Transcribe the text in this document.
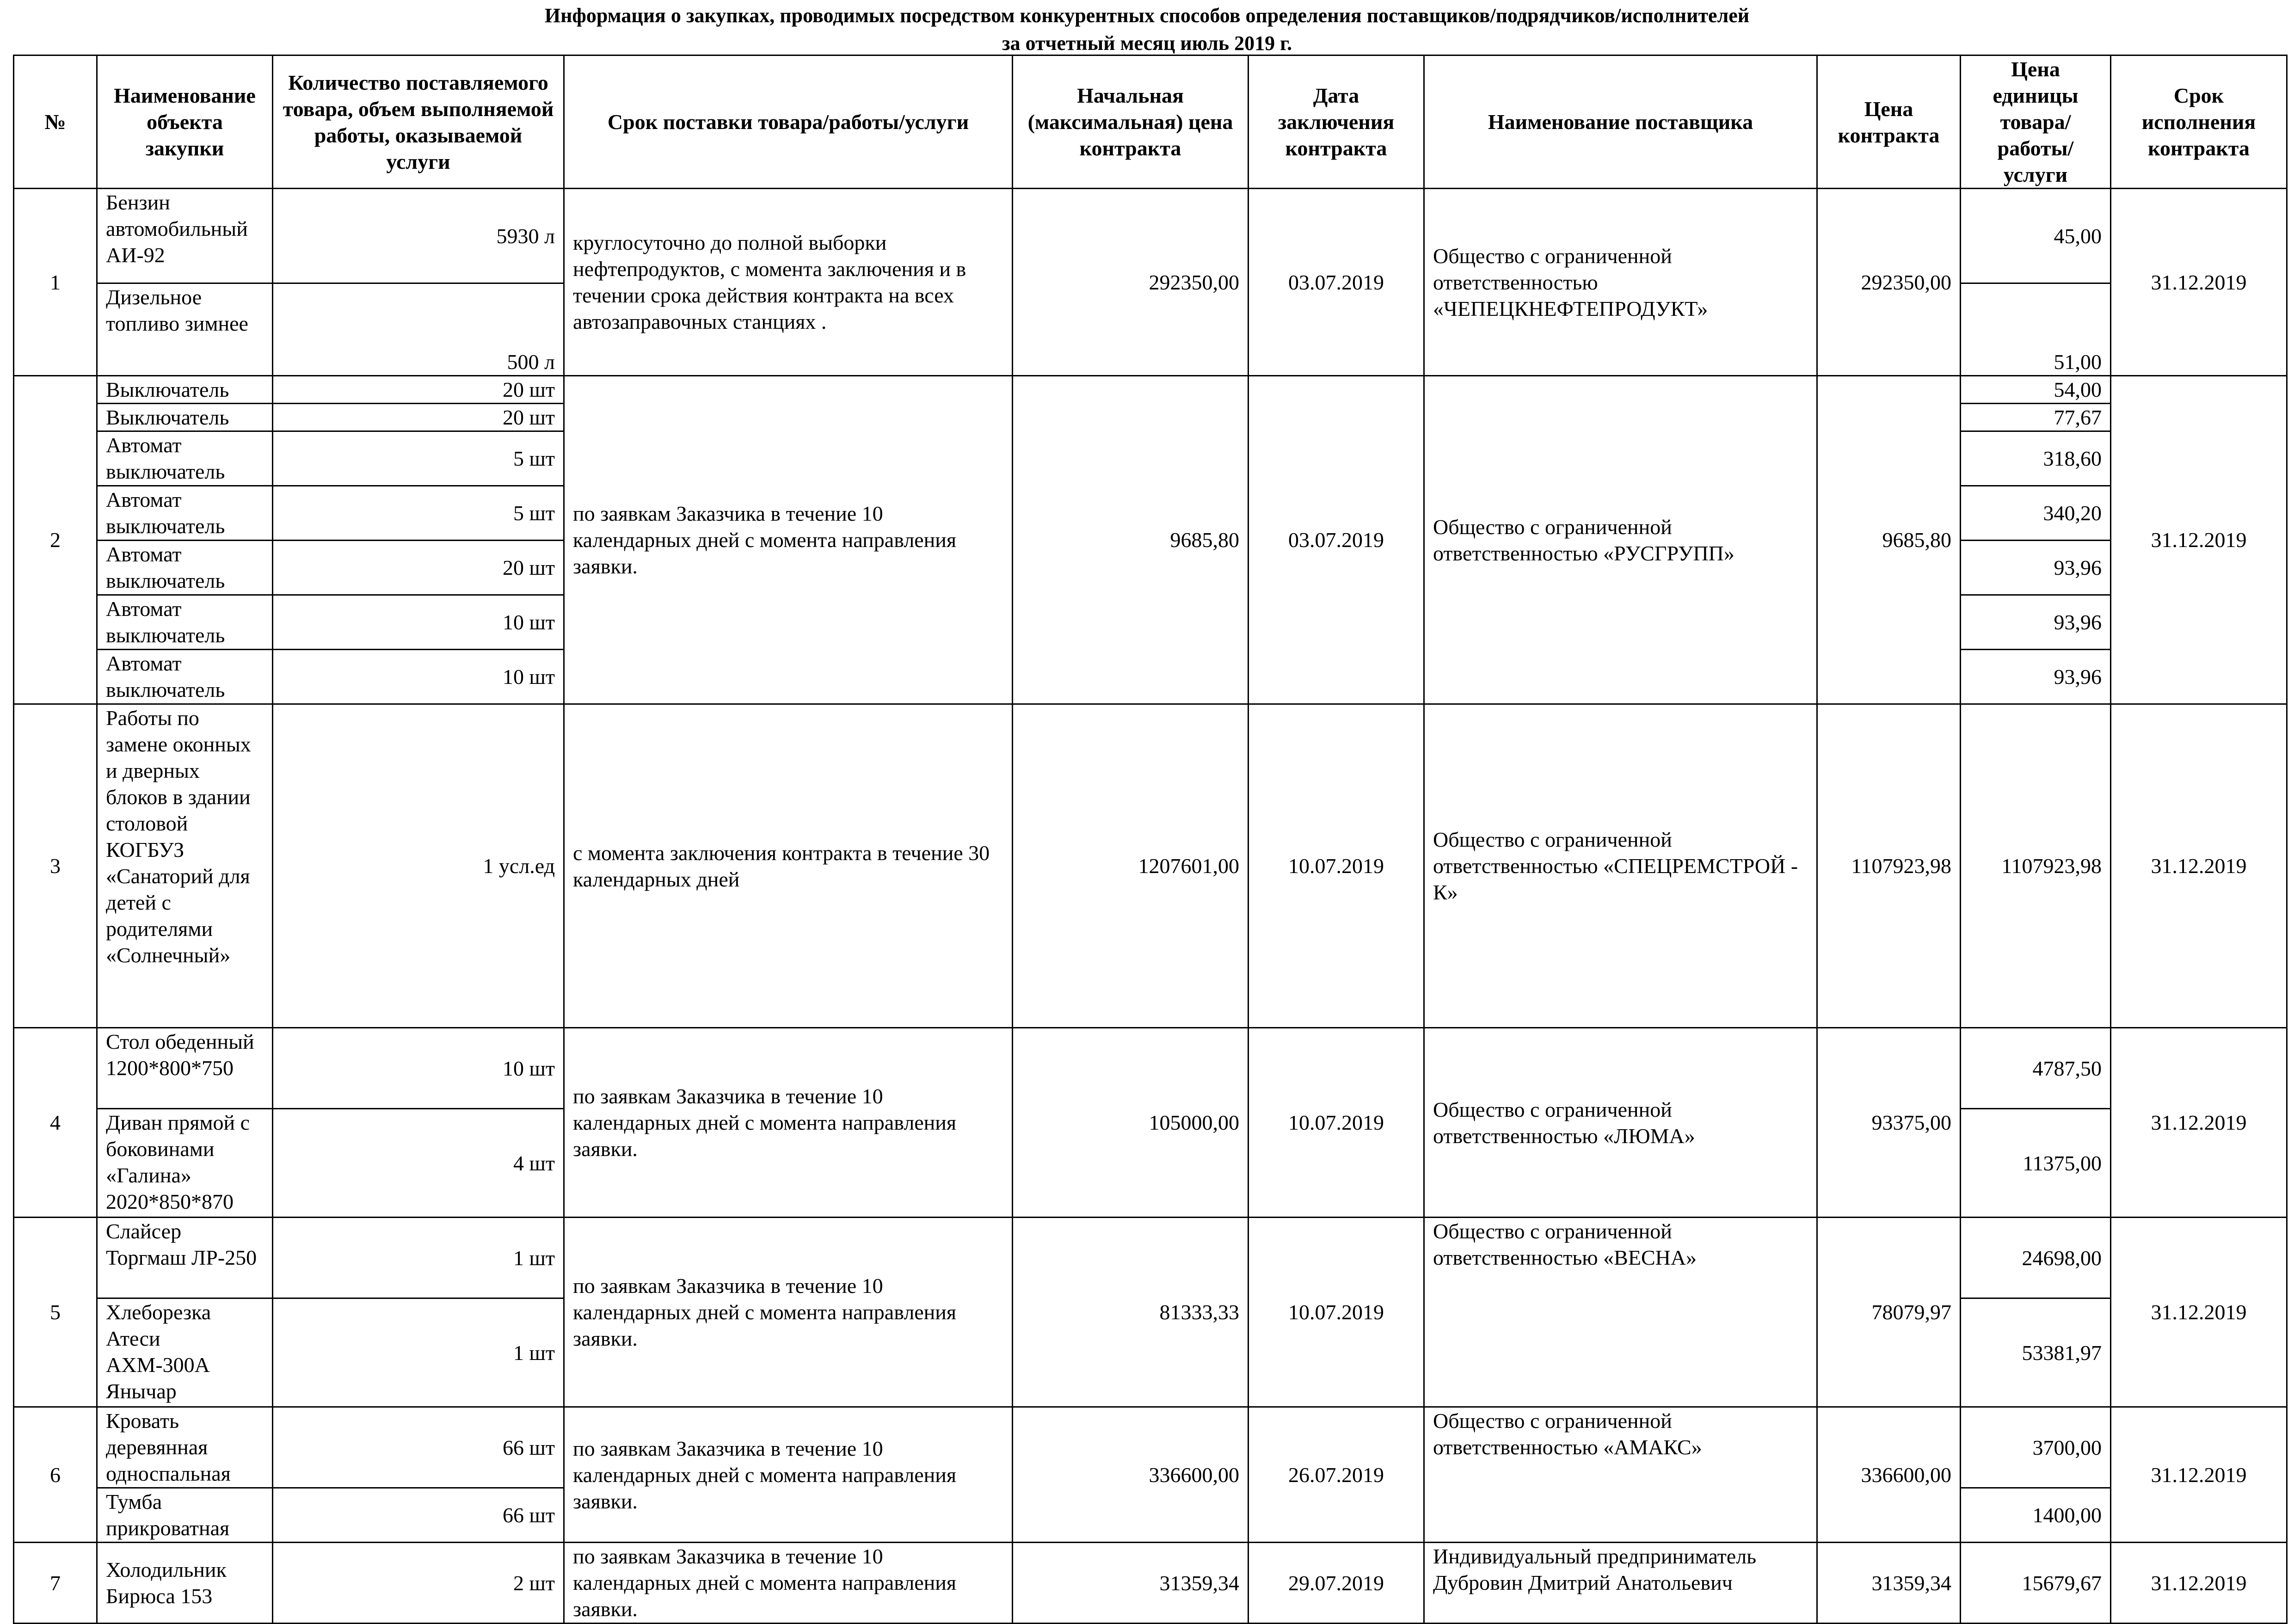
Информация о закупках, проводимых посредством конкурентных способов определения поставщиков/подрядчиков/исполнителей
за отчетный месяц июль 2019 г.
№	Наименование объекта закупки	Количество поставляемого товара, объем выполняемой работы, оказываемой услуги	Срок поставки товара/работы/услуги	Начальная (максимальная) цена контракта	Дата заключения контракта	Наименование поставщика	Цена контракта	Цена единицы товара/ работы/ услуги	Срок исполнения контракта
1	Бензин автомобильный АИ-92	5930 л	круглосуточно до полной выборки нефтепродуктов, с момента заключения и в течении срока действия контракта на всех автозаправочных станциях .	292350,00	03.07.2019	Общество с ограниченной ответственностью «ЧЕПЕЦКНЕФТЕПРОДУКТ»	292350,00	45,00	31.12.2019
	Дизельное топливо зимнее	500 л						51,00	
2	Выключатель	20 шт	по заявкам Заказчика в течение 10 календарных дней с момента направления заявки.	9685,80	03.07.2019	Общество с ограниченной ответственностью «РУСГРУПП»	9685,80	54,00	31.12.2019
	Выключатель	20 шт						77,67	
	Автомат выключатель	5 шт						318,60	
	Автомат выключатель	5 шт						340,20	
	Автомат выключатель	20 шт						93,96	
	Автомат выключатель	10 шт						93,96	
	Автомат выключатель	10 шт						93,96	
3	Работы по замене оконных и дверных блоков в здании столовой КОГБУЗ «Санаторий для детей с родителями «Солнечный»	1 усл.ед	с момента заключения контракта в течение 30 календарных дней	1207601,00	10.07.2019	Общество с ограниченной ответственностью «СПЕЦРЕМСТРОЙ - К»	1107923,98	1107923,98	31.12.2019
4	Стол обеденный 1200*800*750	10 шт	по заявкам Заказчика в течение 10 календарных дней с момента направления заявки.	105000,00	10.07.2019	Общество с ограниченной ответственностью «ЛЮМА»	93375,00	4787,50	31.12.2019
	Диван прямой с боковинами «Галина» 2020*850*870	4 шт						11375,00	
5	Слайсер Торгмаш ЛР-250	1 шт	по заявкам Заказчика в течение 10 календарных дней с момента направления заявки.	81333,33	10.07.2019	Общество с ограниченной ответственностью «ВЕСНА»	78079,97	24698,00	31.12.2019
	Хлеборезка Атеси АХМ-300А Янычар	1 шт						53381,97	
6	Кровать деревянная односпальная	66 шт	по заявкам Заказчика в течение 10 календарных дней с момента направления заявки.	336600,00	26.07.2019	Общество с ограниченной ответственностью «АМАКС»	336600,00	3700,00	31.12.2019
	Тумба прикроватная	66 шт						1400,00	
7	Холодильник Бирюса 153	2 шт	по заявкам Заказчика в течение 10 календарных дней с момента направления заявки.	31359,34	29.07.2019	Индивидуальный предприниматель Дубровин Дмитрий Анатольевич	31359,34	15679,67	31.12.2019
